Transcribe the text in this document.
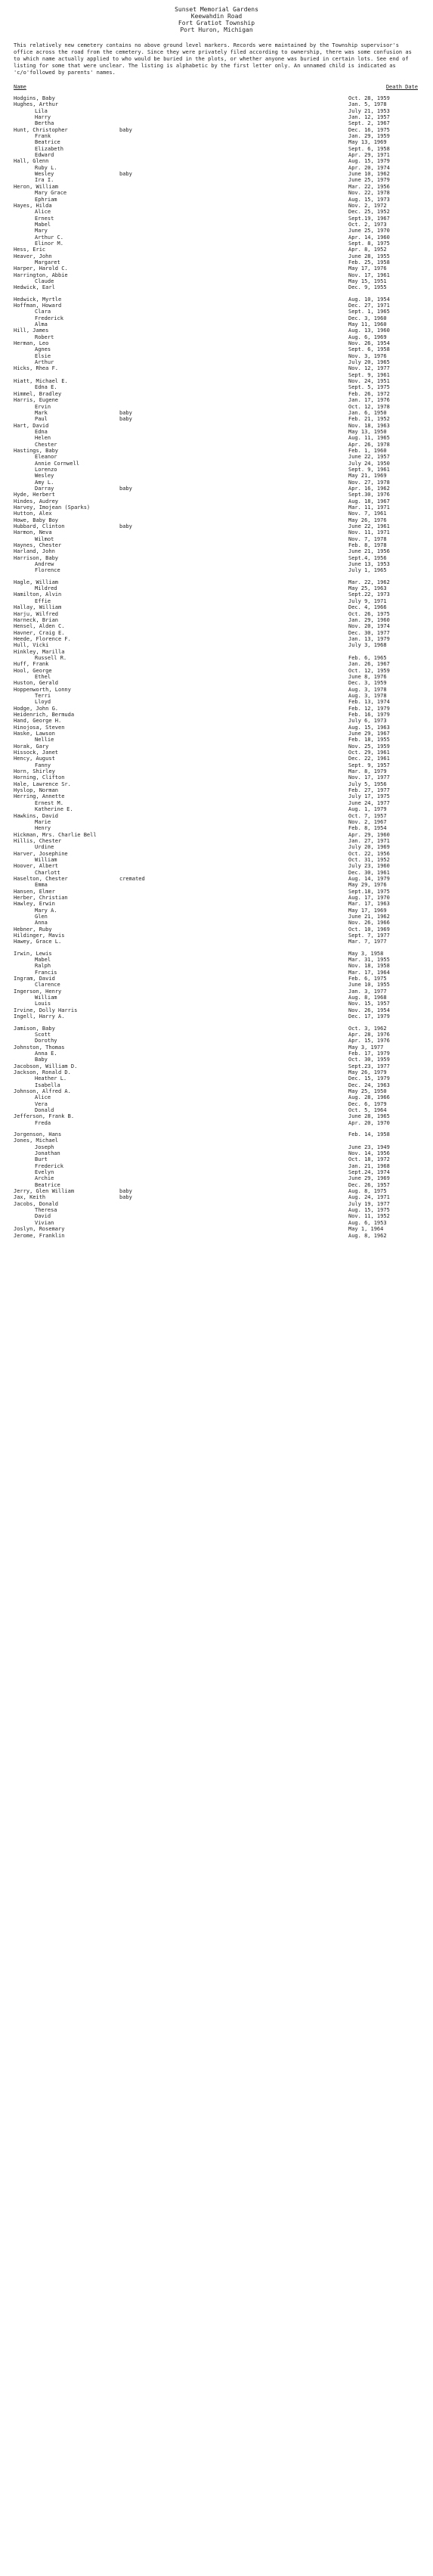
Sunset Memorial Gardens
Keewahdin Road
Fort Gratiot Township
Port Huron, Michigan
This relatively new cemetery contains no above ground level markers. Records were maintained by the Township supervisor's office across the road from the cemetery. Since they were privately filed according to ownership, there was some confusion as to which name actually applied to who would be buried in the plots, or whether anyone was buried in certain lots. See end of listing for some that were unclear. The listing is alphabetic by the first letter only. An unnamed child is indicated as 'c/o'followed by parents' names.
Name	Death Date
Hodgins, Baby	Oct. 28, 1959
Hughes, Arthur	Jan. 5, 1978
Lila	July 21, 1953
Harry	Jan. 12, 1957
Bertha	Sept. 2, 1967
Hunt, Christopher	baby	Dec. 16, 1975
Frank	Jan. 29, 1959
Beatrice	May 13, 1969
Elizabeth	Sept. 6, 1958
Edward	Apr. 29, 1971
Hall, Glenn	Aug. 15, 1979
Ruby L.	Apr. 20, 1974
Wesley	baby	June 10, 1962
Ira I.	June 25, 1979
Heron, William	Mar. 22, 1956
Mary Grace	Nov. 22, 1978
Ephriam	Aug. 15, 1973
Hayes, Hilda	Nov. 2, 1972
Alice	Dec. 25, 1952
Ernest	Sept.19, 1967
Mabel	Oct. 2, 1973
Mary	June 25, 1970
Arthur C.	Apr. 14, 1960
Elinor M.	Sept. 8, 1975
Hess, Eric	Apr. 8, 1952
Heaver, John	June 28, 1955
Margaret	Feb. 25, 1958
Harper, Harold C.	May 17, 1976
Harrington, Abbie	Nov. 17, 1961
Claude	May 15, 1951
Hedwick, Earl	Dec. 9, 1955
Hedwick, Myrtle	Aug. 10, 1954
Hoffman, Howard	Dec. 27, 1971
Clara	Sept. 1, 1965
Frederick	Dec. 3, 1960
Alma	May 11, 1960
Hill, James	Aug. 13, 1960
Robert	Aug. 6, 1969
Herman, Leo	Nov. 26, 1954
Agnes	Sept. 6, 1958
Elsie	Nov. 3, 1976
Arthur	July 20, 1965
Hicks, Rhea F.	Nov. 12, 1977
Sept. 9, 1961
Hiatt, Michael E.	Nov. 24, 1951
Edna E.	Sept. 5, 1975
Himmel, Bradley	Feb. 26, 1972
Harris, Eugene	Jan. 17, 1976
Ervin	Oct. 12, 1978
Mark	baby	Jan. 6, 1950
Paul	baby	Feb. 21, 1952
Hart, David	Nov. 18, 1963
Edna	May 13, 1950
Helen	Aug. 11, 1965
Chester	Apr. 26, 1978
Hastings, Baby	Feb. 1, 1960
Eleanor	June 22, 1957
Annie Cornwell	July 24, 1950
Lorenzo	Sept. 9, 1961
Wesley	May 21, 1969
Amy L.	Nov. 27, 1978
Darray	baby	Apr. 16, 1962
Hyde, Herbert	Sept.30, 1976
Hindes, Audrey	Aug. 18, 1967
Harvey, Imojean (Sparks)	Mar. 11, 1971
Hutton, Alex	Nov. 7, 1961
Howe, Baby Boy	May 26, 1976
Hubbard, Clinton	baby	June 22, 1961
Harmon, Neva	Nov. 11, 1971
Wilmot	Nov. 7, 1978
Haynes, Chester	Feb. 8, 1978
Harland, John	June 21, 1956
Harrison, Baby	Sept.4, 1956
Andrew	June 13, 1953
Florence	July 1, 1965
Hagle, William	Mar. 22, 1962
Mildred	May 25, 1963
Hamilton, Alvin	Sept.22, 1973
Effie	July 9, 1971
Hallay, William	Dec. 4, 1966
Harju, Wilfred	Oct. 26, 1975
Harneck, Brian	Jan. 29, 1960
Hensel, Alden C.	Nov. 20, 1974
Havner, Craig E.	Dec. 30, 1977
Heede, Florence F.	Jan. 13, 1979
Hull, Vicki	July 3, 1968
Hinkley, Marilla
Russell R.	Feb. 6, 1965
Huff, Frank	Jan. 26, 1967
Hool, George	Oct. 12, 1959
Ethel	June 8, 1976
Huston, Gerald	Dec. 3, 1959
Hoppenworth, Lonny	Aug. 3, 1978
Terri	Aug. 3, 1978
Lloyd	Feb. 13, 1974
Hodge, John G.	Feb. 12, 1979
Heidenrich, Bermuda	Feb. 16, 1979
Hand, George H.	July 6, 1973
Hinojosa, Steven	Aug. 15, 1963
Haske, Lawson	June 29, 1967
Nellie	Feb. 18, 1955
Horak, Gary	Nov. 25, 1959
Hissock, Janet	Oct. 29, 1961
Hency, August	Dec. 22, 1961
Fanny	Sept. 9, 1957
Horn, Shirley	Mar. 8, 1979
Horning, Clifton	Nov. 17, 1977
Hale, Lawrence Sr.	July 5, 1956
Hyslop, Norman	Feb. 27, 1977
Herring, Annette	July 17, 1975
Ernest M.	June 24, 1977
Katherine E.	Aug. 1, 1979
Hawkins, David	Oct. 7, 1957
Marie	Nov. 2, 1967
Henry	Feb. 8, 1954
Hickman, Mrs. Charlie Bell	Apr. 29, 1960
Hillis, Chester	Jan. 27, 1971
Urdine	July 20, 1969
Harver, Josephine	Oct. 22, 1956
William	Oct. 31, 1952
Hoover, Albert	July 23, 1960
Charlott	Dec. 30, 1961
Haselton, Chester	cremated	Aug. 14, 1979
Emma	May 29, 1976
Hansen, Elmer	Sept.18, 1975
Herber, Christian	Aug. 17, 1970
Hawley, Erwin	Mar. 17, 1963
Mary A.	May 17, 1969
Glen	June 21, 1962
Anna	Nov. 26, 1966
Hebner, Ruby	Oct. 10, 1969
Hildinger, Mavis	Sept. 7, 1977
Hawey, Grace L.	Mar. 7, 1977
Irwin, Lewis	May 3, 1958
Mabel	Mar. 31, 1955
Ralph	Nov. 18, 1958
Francis	Mar. 17, 1964
Ingram, David	Feb. 6, 1975
Clarence	June 10, 1955
Ingerson, Henry	Jan. 3, 1977
William	Aug. 8, 1968
Louis	Nov. 15, 1957
Irvine, Dolly Harris	Nov. 26, 1954
Ingell, Harry A.	Dec. 17, 1979
Jamison, Baby	Oct. 3, 1962
Scott	Apr. 28, 1976
Dorothy	Apr. 15, 1976
Johnston, Thomas	May 3, 1977
Anna E.	Feb. 17, 1979
Baby	Oct. 30, 1959
Jacobson, William D.	Sept.23, 1977
Jackson, Ronald D.	May 26, 1979
Heather L.	Dec. 15, 1979
Isabella	Dec. 24, 1963
Johnson, Alfred A.	May 25, 1950
Alice	Aug. 28, 1966
Vera	Dec. 6, 1979
Donald	Oct. 5, 1964
Jefferson, Frank B.	June 28, 1965
Freda	Apr. 20, 1970
Jorgenson, Hans	Feb. 14, 1958
Jones, Michael
Joseph	June 23, 1949
Jonathan	Nov. 14, 1956
Burt	Oct. 18, 1972
Frederick	Jan. 21, 1968
Evelyn	Sept.24, 1974
Archie	June 29, 1969
Beatrice	Dec. 26, 1957
Jerry, Glen William	baby	Aug. 8, 1975
Jax, Keith	baby	Aug. 24, 1971
Jacobs, Donald	July 19, 1977
Theresa	Aug. 15, 1975
David	Nov. 11, 1952
Vivian	Aug. 6, 1953
Joslyn, Rosemary	May 1, 1964
Jerome, Franklin	Aug. 8, 1962
